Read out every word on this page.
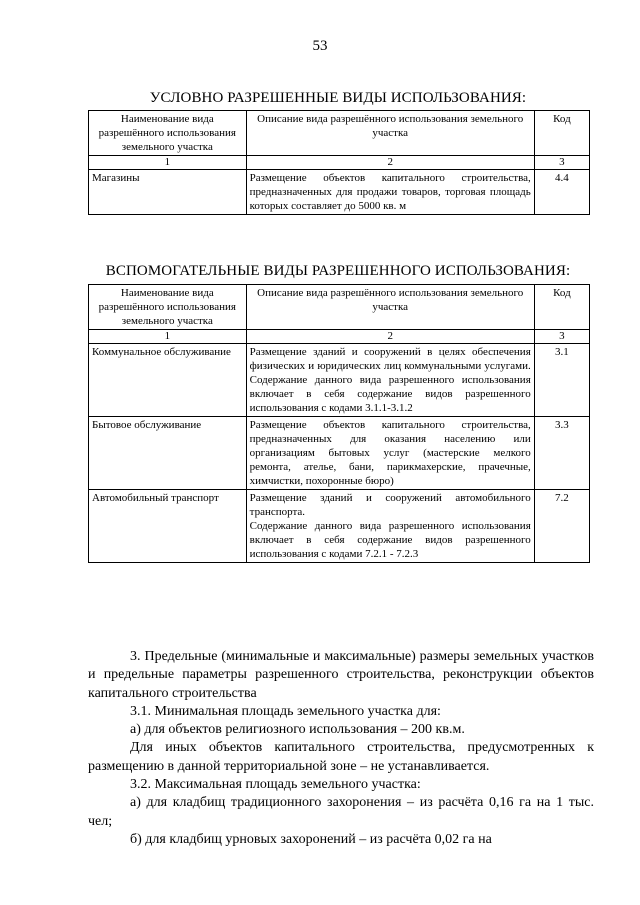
53
УСЛОВНО РАЗРЕШЕННЫЕ ВИДЫ ИСПОЛЬЗОВАНИЯ:
Наименование вида разрешённого использования земельного участка	Описание вида разрешённого использования земельного участка	Код
1	2	3
Магазины	Размещение объектов капитального строительства, предназначенных для продажи товаров, торговая площадь которых составляет до 5000 кв. м	4.4
ВСПОМОГАТЕЛЬНЫЕ ВИДЫ РАЗРЕШЕННОГО ИСПОЛЬЗОВАНИЯ:
Наименование вида разрешённого использования земельного участка	Описание вида разрешённого использования земельного участка	Код
1	2	3
Коммунальное обслуживание	Размещение зданий и сооружений в целях обеспечения физических и юридических лиц коммунальными услугами. Содержание данного вида разрешенного использования включает в себя содержание видов разрешенного использования с кодами 3.1.1-3.1.2	3.1
Бытовое обслуживание	Размещение объектов капитального строительства, предназначенных для оказания населению или организациям бытовых услуг (мастерские мелкого ремонта, ателье, бани, парикмахерские, прачечные, химчистки, похоронные бюро)	3.3
Автомобильный транспорт	Размещение зданий и сооружений автомобильного транспорта.
Содержание данного вида разрешенного использования включает в себя содержание видов разрешенного использования с кодами 7.2.1 - 7.2.3	7.2

3. Предельные (минимальные и максимальные) размеры земельных участков и предельные параметры разрешенного строительства, реконструкции объектов капитального строительства

3.1. Минимальная площадь земельного участка для:

а) для объектов религиозного использования – 200 кв.м.

Для иных объектов капитального строительства, предусмотренных к размещению в данной территориальной зоне – не устанавливается.

3.2. Максимальная площадь земельного участка:

а) для кладбищ традиционного захоронения – из расчёта 0,16 га на 1 тыс. чел;

б) для кладбищ урновых захоронений – из расчёта 0,02 га на
